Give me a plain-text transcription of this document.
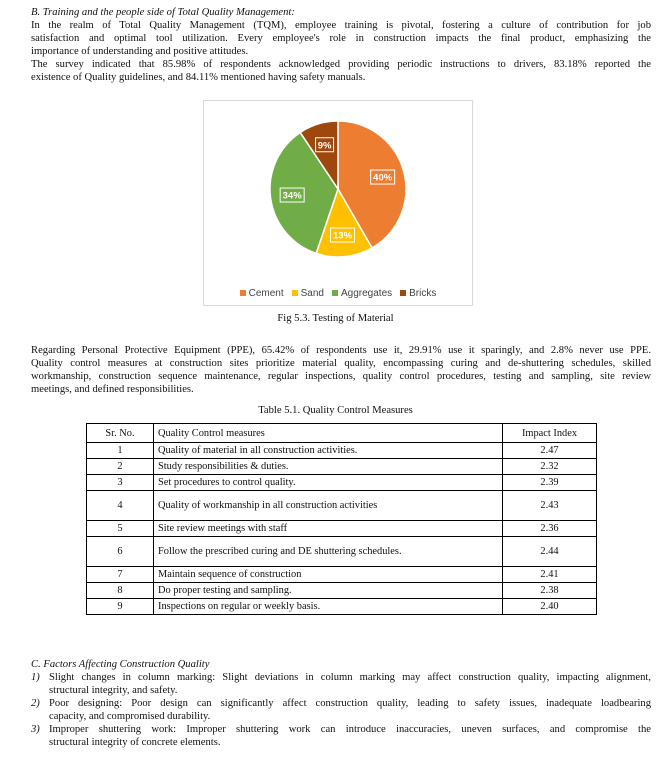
B. Training and the people side of Total Quality Management:
In the realm of Total Quality Management (TQM), employee training is pivotal, fostering a culture of contribution for job
satisfaction and optimal tool utilization. Every employee's role in construction impacts the final product, emphasizing the
importance of understanding and positive attitudes.
The survey indicated that 85.98% of respondents acknowledged providing periodic instructions to drivers, 83.18% reported the
existence of Quality guidelines, and 84.11% mentioned having safety manuals.
40%
13%
34%
9%
Cement Sand Aggregates Bricks
Fig 5.3. Testing of Material
Regarding Personal Protective Equipment (PPE), 65.42% of respondents use it, 29.91% use it sparingly, and 2.8% never use PPE.
Quality control measures at construction sites prioritize material quality, encompassing curing and de-shuttering schedules, skilled
workmanship, construction sequence maintenance, regular inspections, quality control procedures, testing and sampling, site review
meetings, and defined responsibilities.
Table 5.1. Quality Control Measures
Sr. No.	Quality Control measures	Impact Index
1	Quality of material in all construction activities.	2.47
2	Study responsibilities & duties.	2.32
3	Set procedures to control quality.	2.39
4	Quality of workmanship in all construction activities	2.43
5	Site review meetings with staff	2.36
6	Follow the prescribed curing and DE shuttering schedules.	2.44
7	Maintain sequence of construction	2.41
8	Do proper testing and sampling.	2.38
9	Inspections on regular or weekly basis.	2.40
C. Factors Affecting Construction Quality
1) Slight changes in column marking: Slight deviations in column marking may affect construction quality, impacting alignment,
structural integrity, and safety.
2) Poor designing: Poor design can significantly affect construction quality, leading to safety issues, inadequate loadbearing
capacity, and compromised durability.
3) Improper shuttering work: Improper shuttering work can introduce inaccuracies, uneven surfaces, and compromise the
structural integrity of concrete elements.
